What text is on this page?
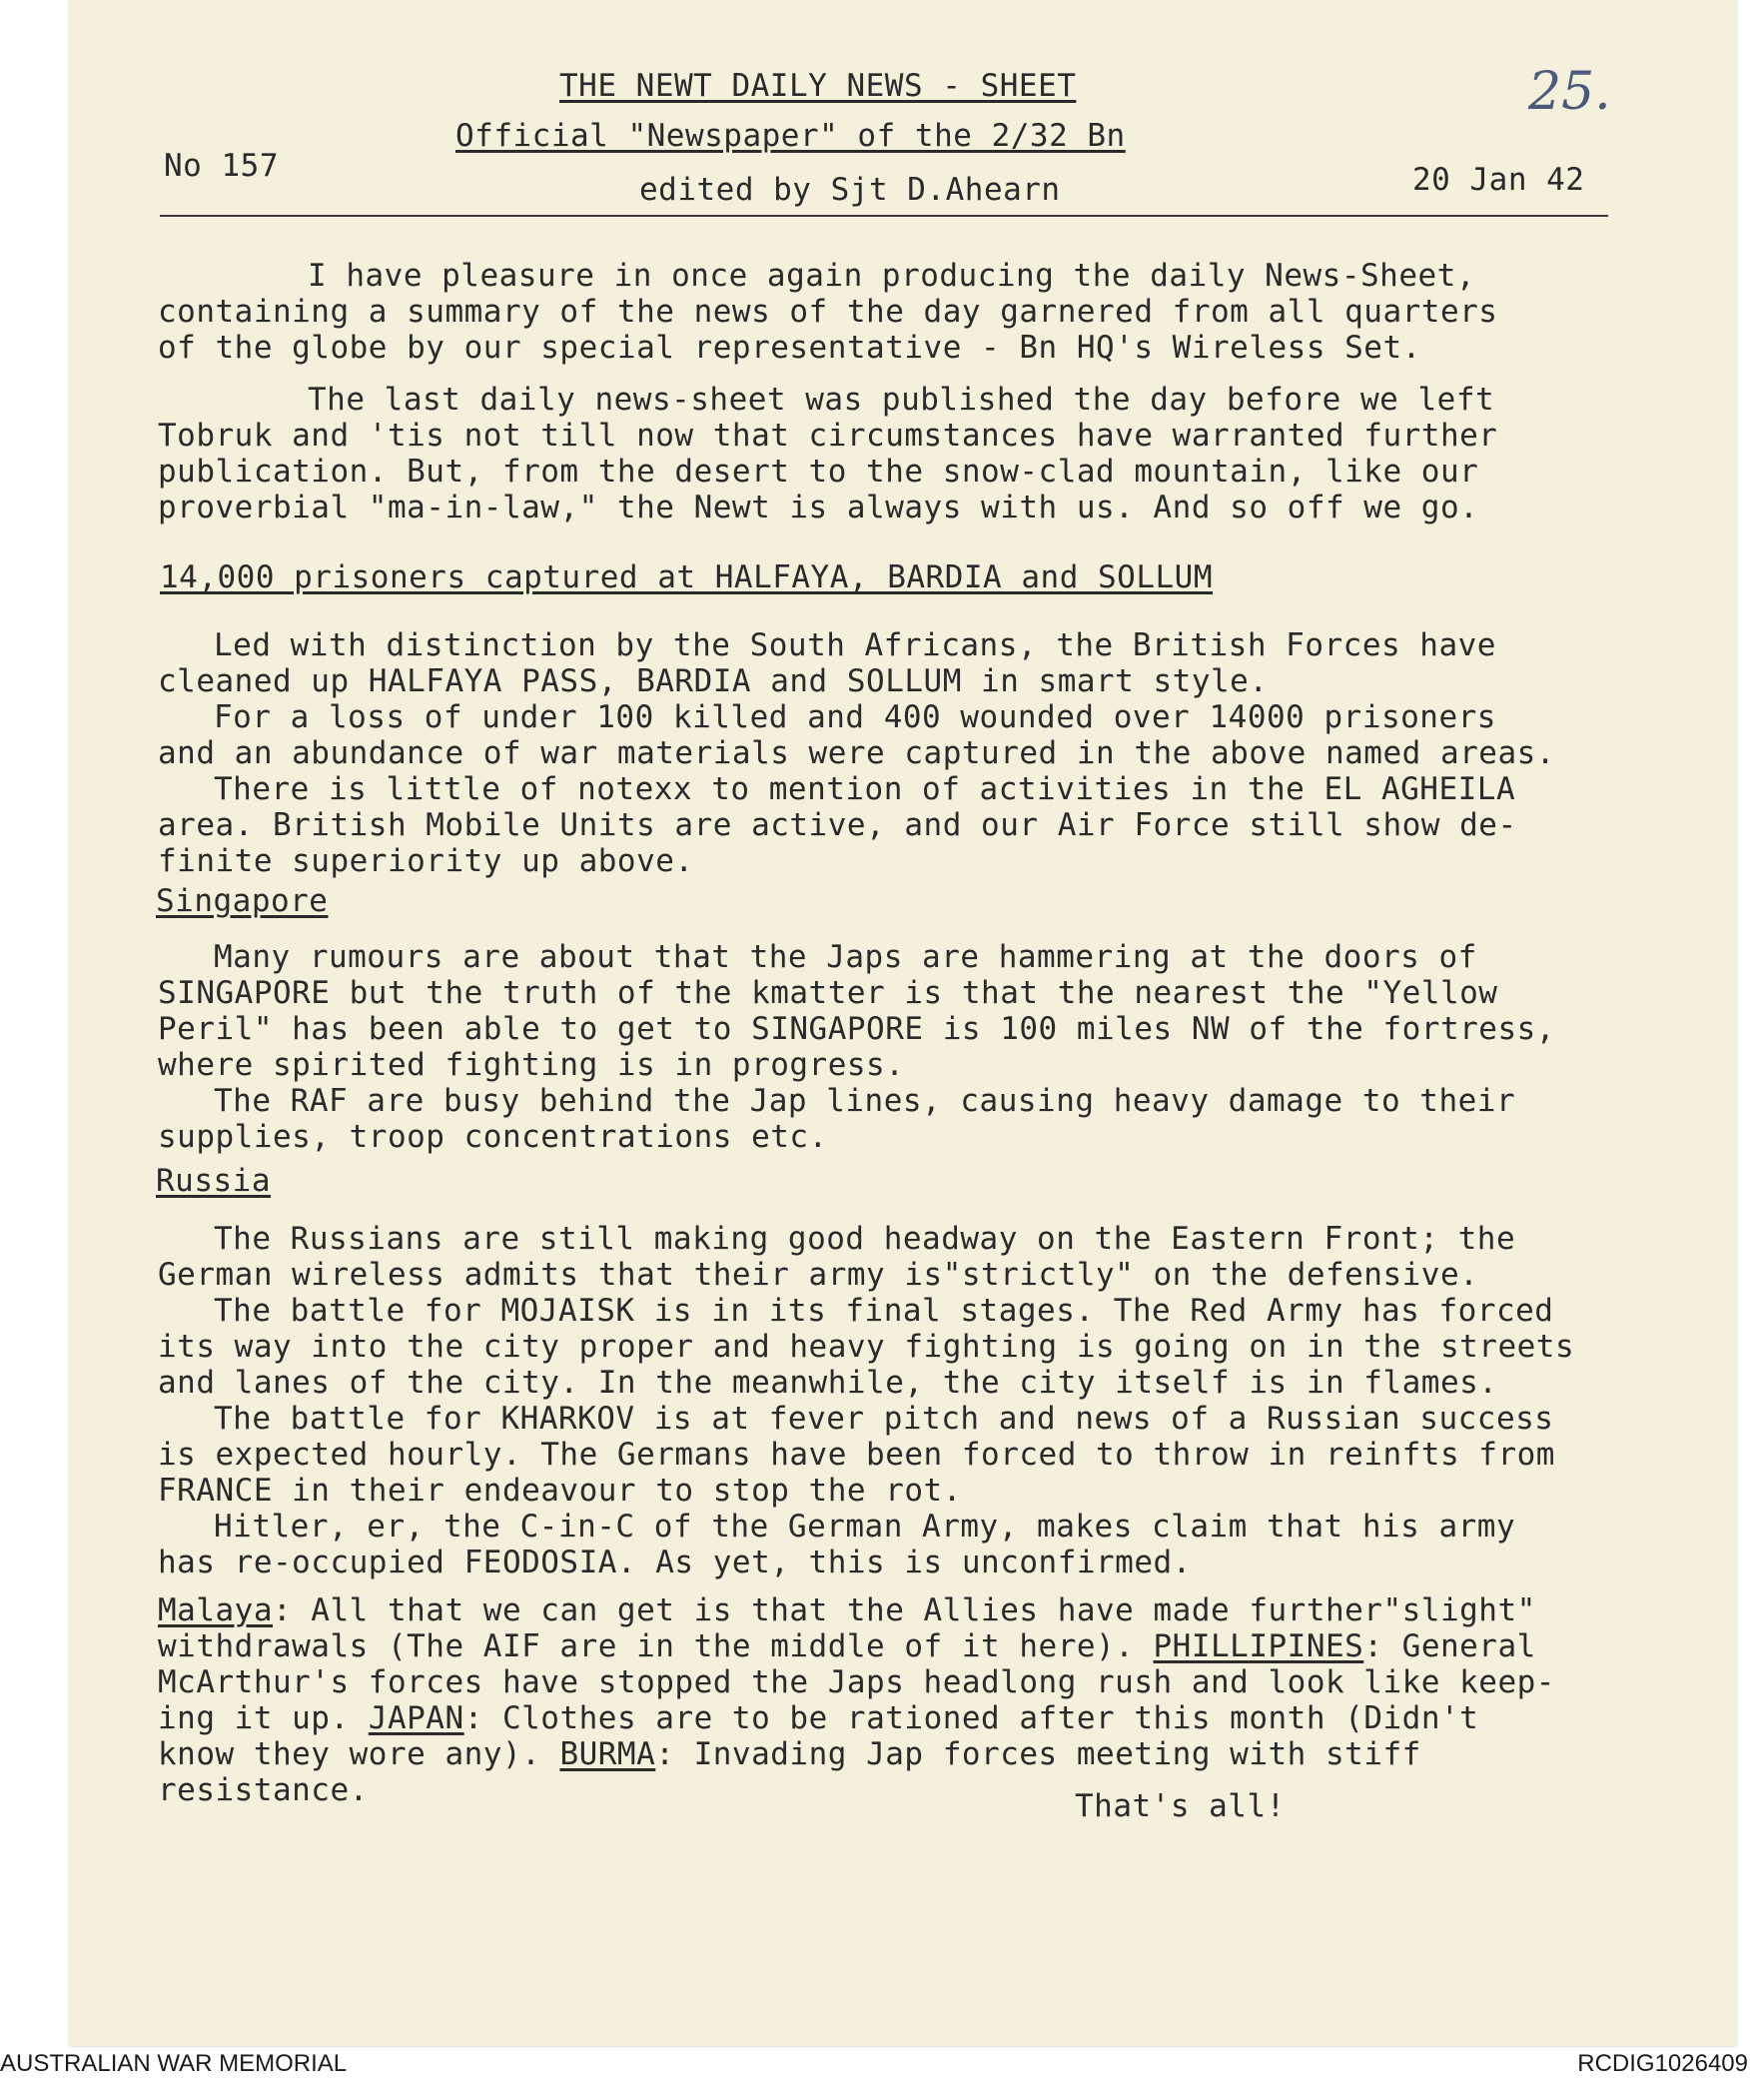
THE NEWT DAILY NEWS - SHEET
Official "Newspaper" of the 2/32 Bn
No 157
edited by Sjt D.Ahearn	20 Jan 42
25.
I have pleasure in once again producing the daily News-Sheet,
containing a summary of the news of the day garnered from all quarters
of the globe by our special representative - Bn HQ's Wireless Set.
The last daily news-sheet was published the day before we left
Tobruk and 'tis not till now that circumstances have warranted further
publication. But, from the desert to the snow-clad mountain, like our
proverbial "ma-in-law," the Newt is always with us. And so off we go.
14,000 prisoners captured at HALFAYA, BARDIA and SOLLUM
Led with distinction by the South Africans, the British Forces have
cleaned up HALFAYA PASS, BARDIA and SOLLUM in smart style.
For a loss of under 100 killed and 400 wounded over 14000 prisoners
and an abundance of war materials were captured in the above named areas.
There is little of notexx to mention of activities in the EL AGHEILA
area. British Mobile Units are active, and our Air Force still show de-
finite superiority up above.
Singapore
Many rumours are about that the Japs are hammering at the doors of
SINGAPORE but the truth of the kmatter is that the nearest the "Yellow
Peril" has been able to get to SINGAPORE is 100 miles NW of the fortress,
where spirited fighting is in progress.
The RAF are busy behind the Jap lines, causing heavy damage to their
supplies, troop concentrations etc.
Russia
The Russians are still making good headway on the Eastern Front; the
German wireless admits that their army is"strictly" on the defensive.
The battle for MOJAISK is in its final stages. The Red Army has forced
its way into the city proper and heavy fighting is going on in the streets
and lanes of the city. In the meanwhile, the city itself is in flames.
The battle for KHARKOV is at fever pitch and news of a Russian success
is expected hourly. The Germans have been forced to throw in reinfts from
FRANCE in their endeavour to stop the rot.
Hitler, er, the C-in-C of the German Army, makes claim that his army
has re-occupied FEODOSIA. As yet, this is unconfirmed.
Malaya: All that we can get is that the Allies have made further"slight"
withdrawals (The AIF are in the middle of it here). PHILLIPINES: General
McArthur's forces have stopped the Japs headlong rush and look like keep-
ing it up. JAPAN: Clothes are to be rationed after this month (Didn't
know they wore any). BURMA: Invading Jap forces meeting with stiff
resistance.	That's all!
AUSTRALIAN WAR MEMORIAL	RCDIG1026409
